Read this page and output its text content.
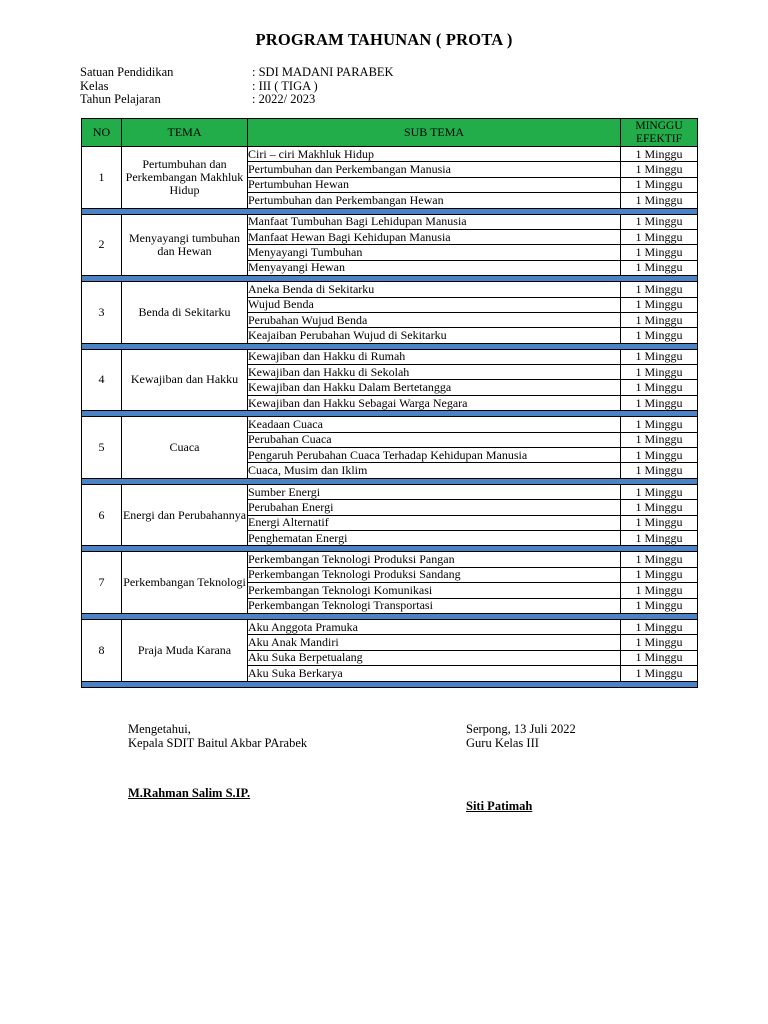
PROGRAM TAHUNAN ( PROTA )
Satuan Pendidikan	: SDI MADANI PARABEK
Kelas	: III ( TIGA )
Tahun Pelajaran	: 2022/ 2023
NO	TEMA	SUB TEMA	MINGGU
EFEKTIF
1	Pertumbuhan dan Perkembangan Makhluk Hidup	Ciri – ciri Makhluk Hidup	1 Minggu
		Pertumbuhan dan Perkembangan Manusia	1 Minggu
		Pertumbuhan Hewan	1 Minggu
		Pertumbuhan dan Perkembangan Hewan	1 Minggu

2	Menyayangi tumbuhan dan Hewan	Manfaat Tumbuhan Bagi Lehidupan Manusia	1 Minggu
		Manfaat Hewan Bagi Kehidupan Manusia	1 Minggu
		Menyayangi Tumbuhan	1 Minggu
		Menyayangi Hewan	1 Minggu

3	Benda di Sekitarku	Aneka Benda di Sekitarku	1 Minggu
		Wujud Benda	1 Minggu
		Perubahan Wujud Benda	1 Minggu
		Keajaiban Perubahan Wujud di Sekitarku	1 Minggu

4	Kewajiban dan Hakku	Kewajiban dan Hakku di Rumah	1 Minggu
		Kewajiban dan Hakku di Sekolah	1 Minggu
		Kewajiban dan Hakku Dalam Bertetangga	1 Minggu
		Kewajiban dan Hakku Sebagai Warga Negara	1 Minggu

5	Cuaca	Keadaan Cuaca	1 Minggu
		Perubahan Cuaca	1 Minggu
		Pengaruh Perubahan Cuaca Terhadap Kehidupan Manusia	1 Minggu
		Cuaca, Musim dan Iklim	1 Minggu

6	Energi dan Perubahannya	Sumber Energi	1 Minggu
		Perubahan Energi	1 Minggu
		Energi Alternatif	1 Minggu
		Penghematan Energi	1 Minggu

7	Perkembangan Teknologi	Perkembangan Teknologi Produksi Pangan	1 Minggu
		Perkembangan Teknologi Produksi Sandang	1 Minggu
		Perkembangan Teknologi Komunikasi	1 Minggu
		Perkembangan Teknologi Transportasi	1 Minggu

8	Praja Muda Karana	Aku Anggota Pramuka	1 Minggu
		Aku Anak Mandiri	1 Minggu
		Aku Suka Berpetualang	1 Minggu
		Aku Suka Berkarya	1 Minggu

Mengetahui,
Kepala SDIT Baitul Akbar PArabek
M.Rahman Salim S.IP.
Serpong, 13 Juli 2022
Guru Kelas III
Siti Patimah
